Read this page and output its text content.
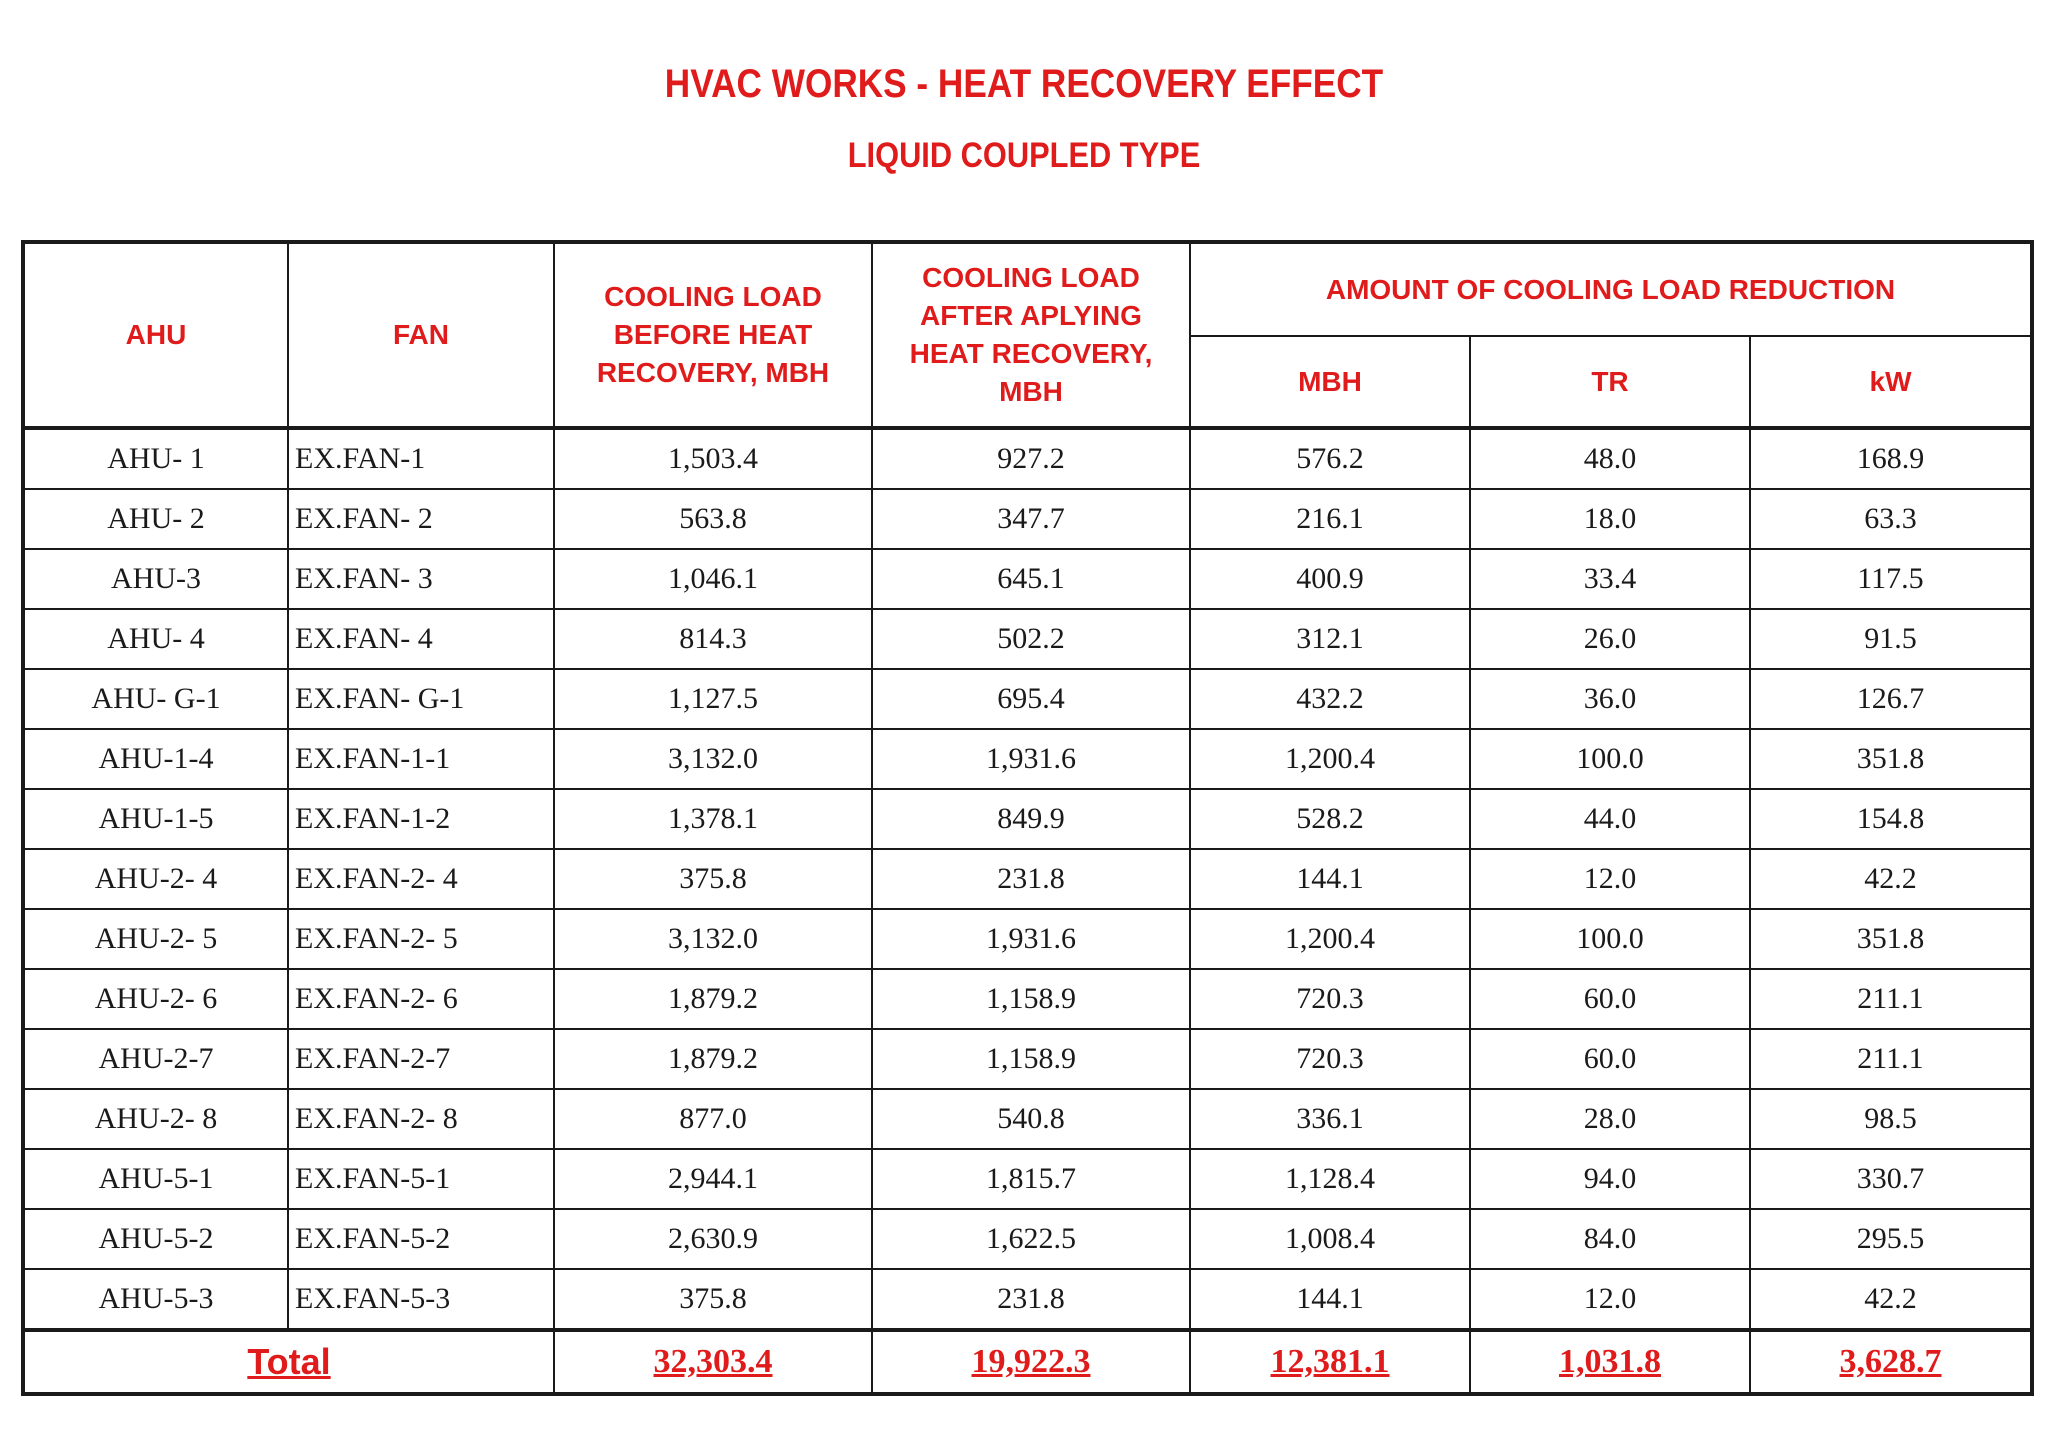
HVAC WORKS - HEAT RECOVERY EFFECT
LIQUID COUPLED TYPE
AHU	FAN	COOLING LOAD BEFORE HEAT RECOVERY, MBH	COOLING LOAD AFTER APLYING HEAT RECOVERY, MBH	AMOUNT OF COOLING LOAD REDUCTION		
				MBH	TR	kW
AHU- 1	EX.FAN-1	1,503.4	927.2	576.2	48.0	168.9
AHU- 2	EX.FAN- 2	563.8	347.7	216.1	18.0	63.3
AHU-3	EX.FAN- 3	1,046.1	645.1	400.9	33.4	117.5
AHU- 4	EX.FAN- 4	814.3	502.2	312.1	26.0	91.5
AHU- G-1	EX.FAN- G-1	1,127.5	695.4	432.2	36.0	126.7
AHU-1-4	EX.FAN-1-1	3,132.0	1,931.6	1,200.4	100.0	351.8
AHU-1-5	EX.FAN-1-2	1,378.1	849.9	528.2	44.0	154.8
AHU-2- 4	EX.FAN-2- 4	375.8	231.8	144.1	12.0	42.2
AHU-2- 5	EX.FAN-2- 5	3,132.0	1,931.6	1,200.4	100.0	351.8
AHU-2- 6	EX.FAN-2- 6	1,879.2	1,158.9	720.3	60.0	211.1
AHU-2-7	EX.FAN-2-7	1,879.2	1,158.9	720.3	60.0	211.1
AHU-2- 8	EX.FAN-2- 8	877.0	540.8	336.1	28.0	98.5
AHU-5-1	EX.FAN-5-1	2,944.1	1,815.7	1,128.4	94.0	330.7
AHU-5-2	EX.FAN-5-2	2,630.9	1,622.5	1,008.4	84.0	295.5
AHU-5-3	EX.FAN-5-3	375.8	231.8	144.1	12.0	42.2
Total		32,303.4	19,922.3	12,381.1	1,031.8	3,628.7
